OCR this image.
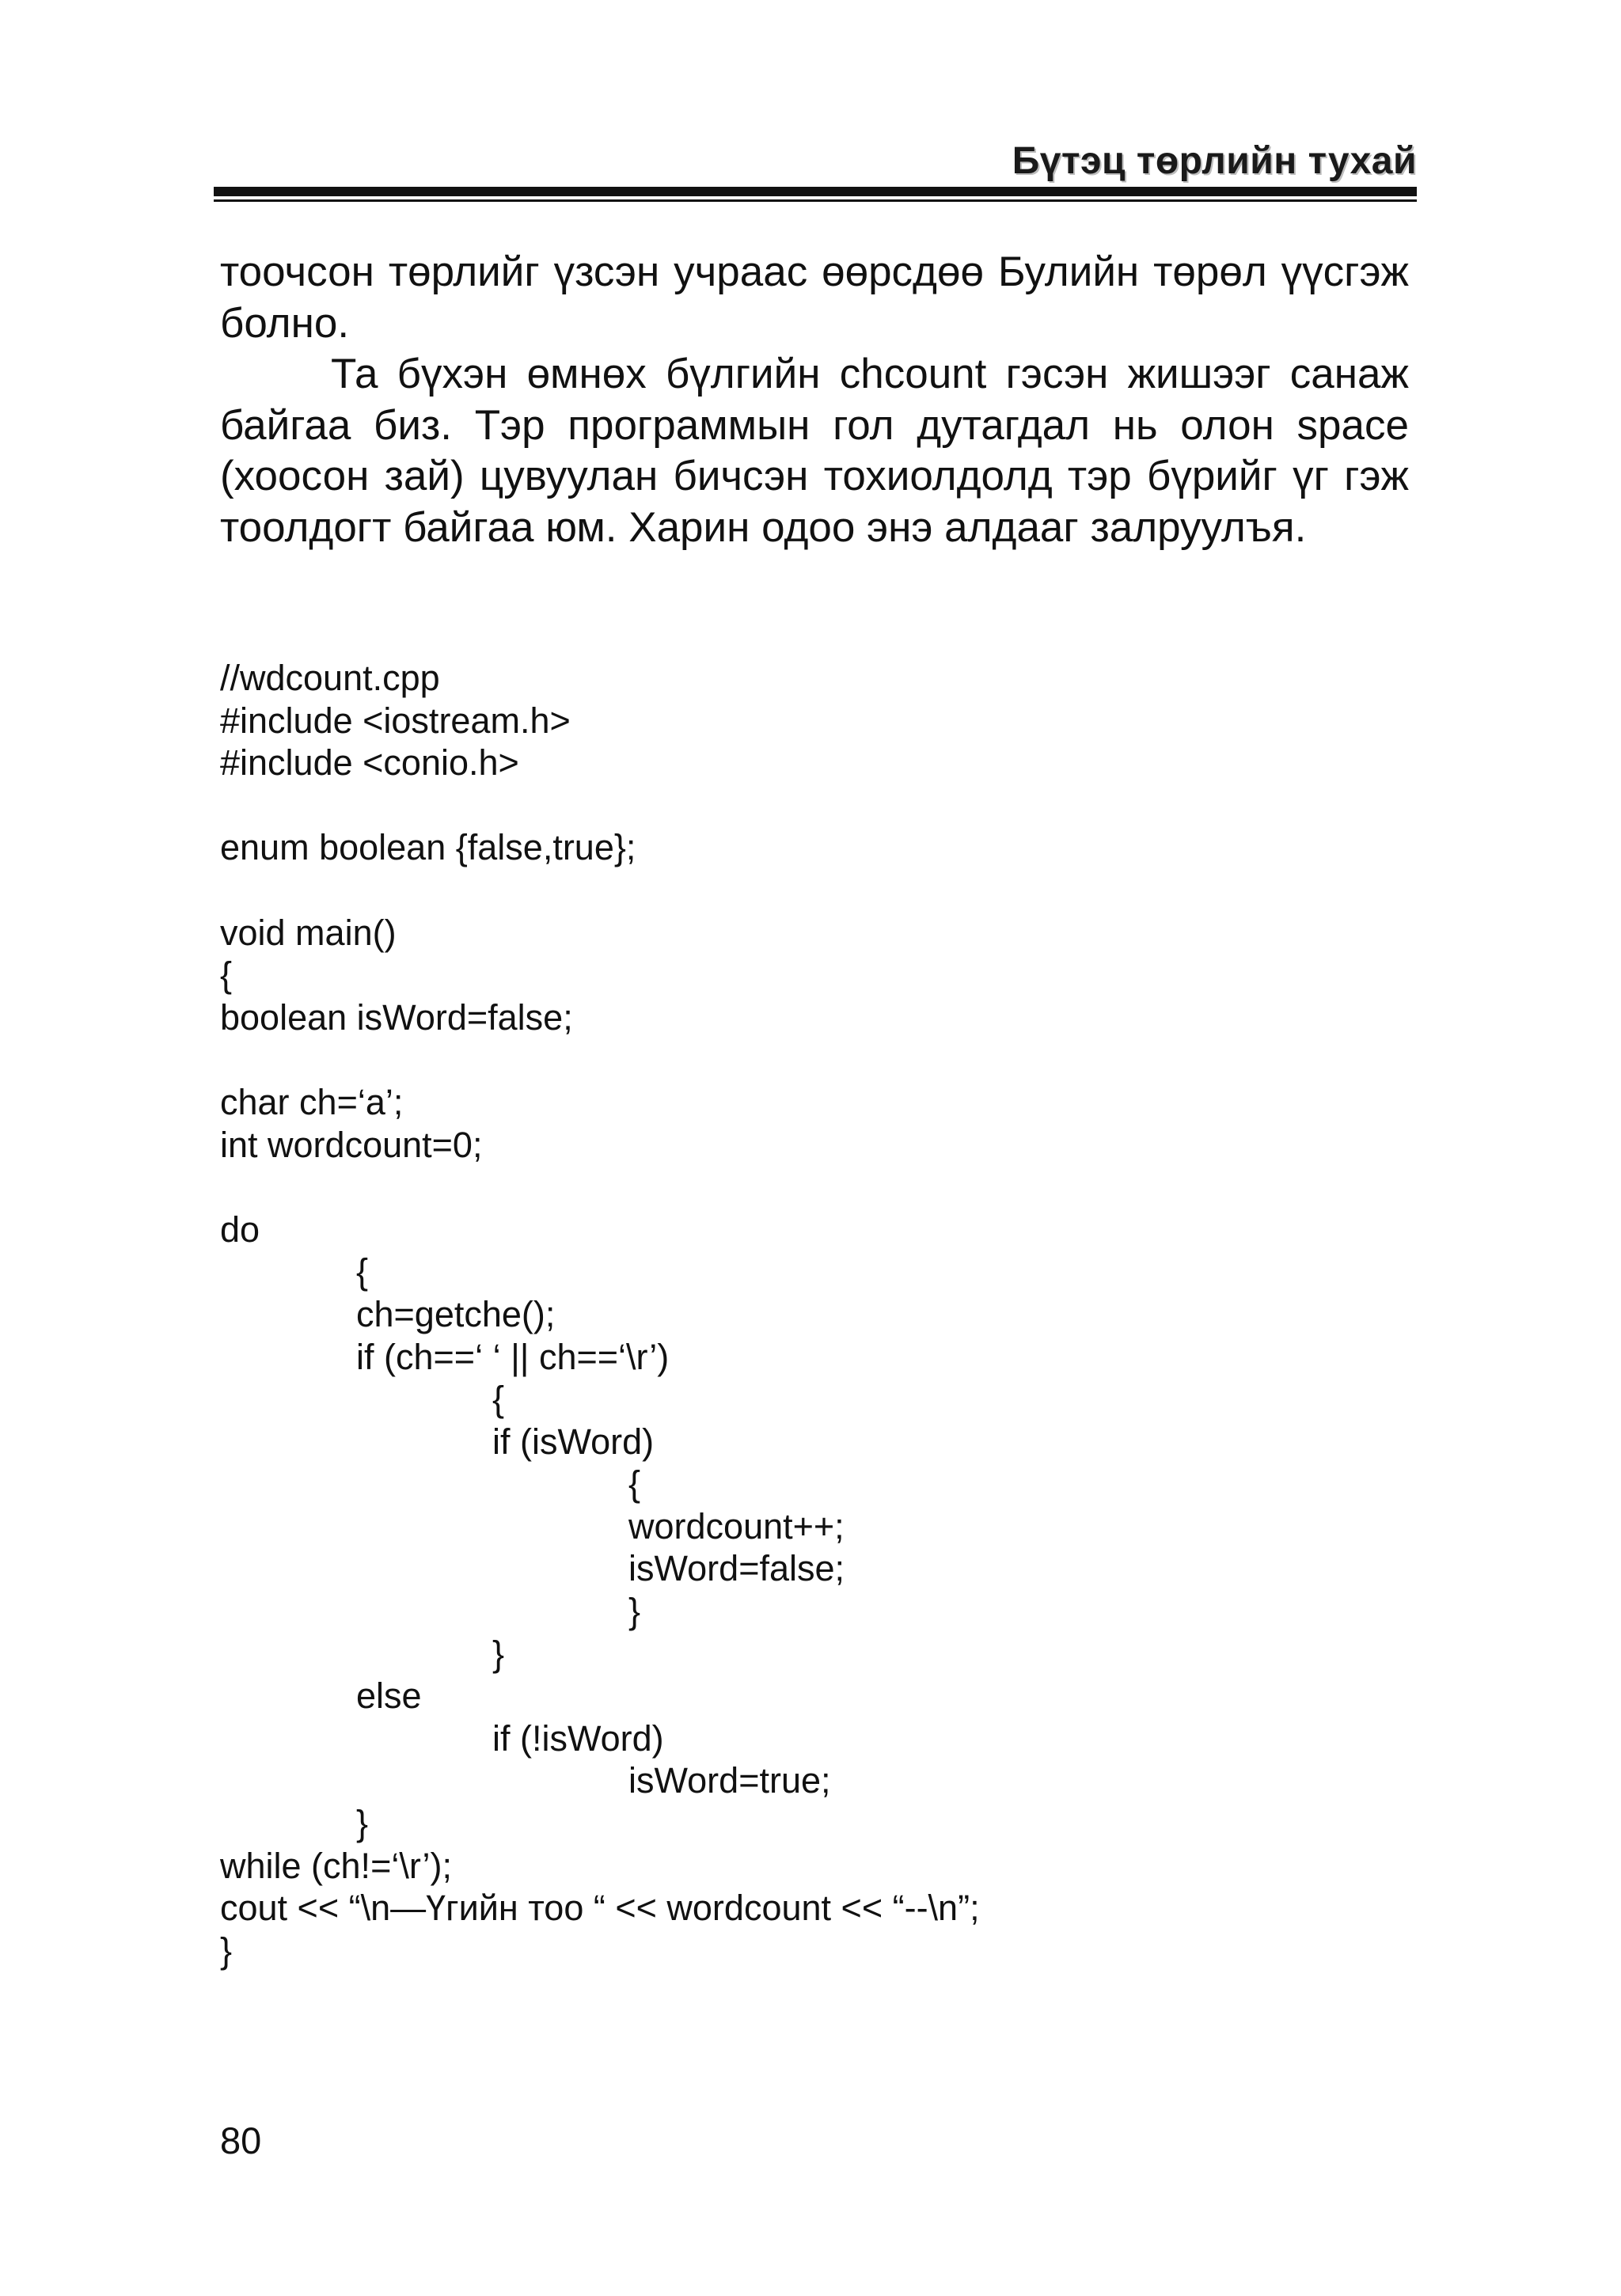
Бүтэц төрлийн тухай

тоочсон төрлийг үзсэн учраас өөрсдөө Булийн төрөл үүсгэж болно.

Та бүхэн өмнөх бүлгийн chcount гэсэн жишээг санаж байгаа биз. Тэр программын гол дутагдал нь олон space (хоосон зай) цувуулан бичсэн тохиолдолд тэр бүрийг үг гэж тоолдогт байгаа юм. Харин одоо энэ алдааг залруулъя.

//wdcount.cpp
#include <iostream.h>
#include <conio.h>
enum boolean {false,true};
void main()
{
boolean isWord=false;
char ch=‘a’;
int wordcount=0;
do
{
ch=getche();
if (ch==‘ ‘ || ch==‘\r’)
{
if (isWord)
{
wordcount++;
isWord=false;
}
}
else
if (!isWord)
isWord=true;
}
while (ch!=‘\r’);
cout << “\n—Үгийн тоо “ << wordcount << “--\n”;
}
80
